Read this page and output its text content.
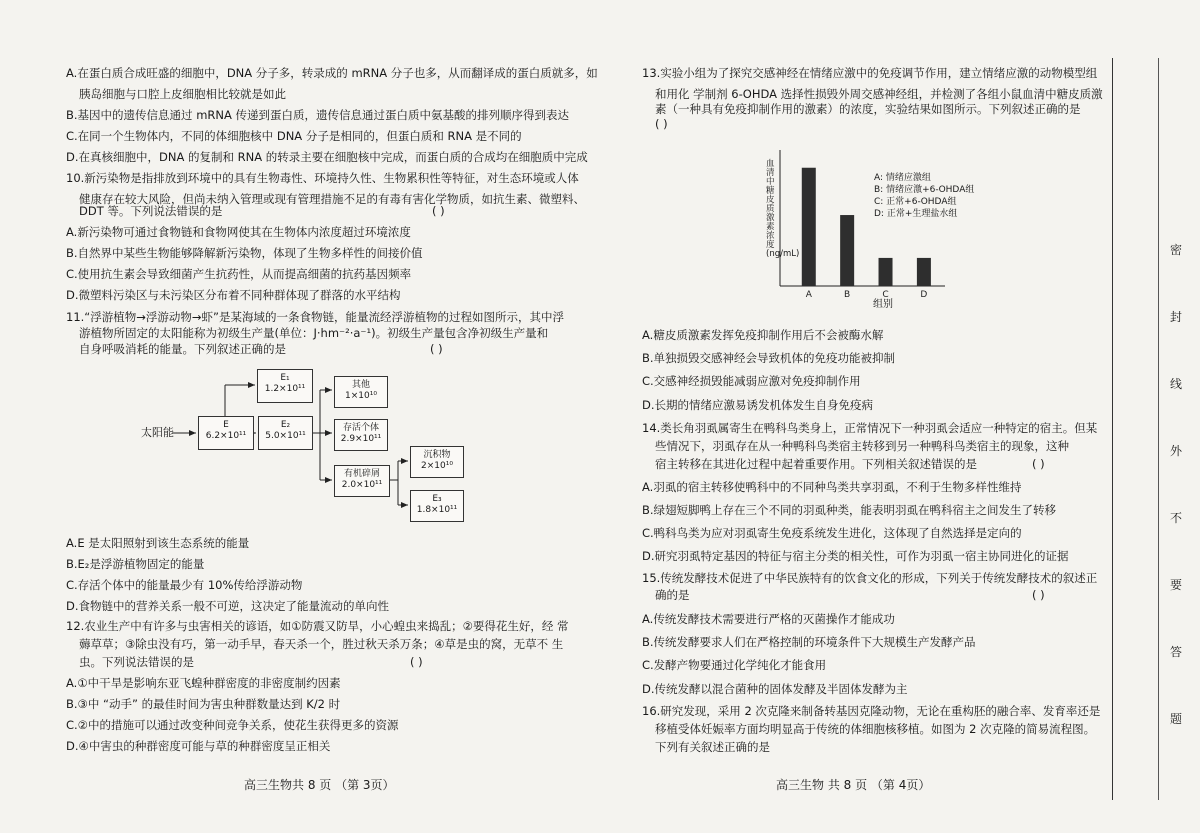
A.在蛋白质合成旺盛的细胞中，DNA 分子多，转录成的 mRNA 分子也多，从而翻译成的蛋白质就多，如
胰岛细胞与口腔上皮细胞相比较就是如此
B.基因中的遗传信息通过 mRNA 传递到蛋白质，遗传信息通过蛋白质中氨基酸的排列顺序得到表达
C.在同一个生物体内，不同的体细胞核中 DNA 分子是相同的，但蛋白质和 RNA 是不同的
D.在真核细胞中，DNA 的复制和 RNA 的转录主要在细胞核中完成，而蛋白质的合成均在细胞质中完成
10.新污染物是指排放到环境中的具有生物毒性、环境持久性、生物累积性等特征，对生态环境或人体
健康存在较大风险，但尚未纳入管理或现有管理措施不足的有毒有害化学物质，如抗生素、微塑料、
DDT 等。下列说法错误的是	( )
A.新污染物可通过食物链和食物网使其在生物体内浓度超过环境浓度
B.自然界中某些生物能够降解新污染物，体现了生物多样性的间接价值
C.使用抗生素会导致细菌产生抗药性，从而提高细菌的抗药基因频率
D.微塑料污染区与未污染区分布着不同种群体现了群落的水平结构
11.“浮游植物→浮游动物→虾”是某海域的一条食物链，能量流经浮游植物的过程如图所示，其中浮
游植物所固定的太阳能称为初级生产量(单位：J·hm⁻²·a⁻¹)。初级生产量包含净初级生产量和
自身呼吸消耗的能量。下列叙述正确的是	( )
太阳能
E
6.2×10¹¹
E₁
1.2×10¹¹
E₂
5.0×10¹¹
其他
1×10¹⁰
存活个体
2.9×10¹¹
有机碎屑
2.0×10¹¹
沉积物
2×10¹⁰
E₃
1.8×10¹¹
A.E 是太阳照射到该生态系统的能量
B.E₂是浮游植物固定的能量
C.存活个体中的能量最少有 10%传给浮游动物
D.食物链中的营养关系一般不可逆，这决定了能量流动的单向性
12.农业生产中有许多与虫害相关的谚语，如①防震又防旱，小心蝗虫来捣乱；②要得花生好，经 常
薅草草；③除虫没有巧，第一动手早，春天杀一个，胜过秋天杀万条；④草是虫的窝，无草不 生
虫。下列说法错误的是	( )
A.①中干旱是影响东亚飞蝗种群密度的非密度制约因素
B.③中 “动手” 的最佳时间为害虫种群数量达到 K/2 时
C.②中的措施可以通过改变种间竞争关系，使花生获得更多的资源
D.④中害虫的种群密度可能与草的种群密度呈正相关
高三生物共 8 页 （第 3页）
13.实验小组为了探究交感神经在情绪应激中的免疫调节作用，建立情绪应激的动物模型组
和用化 学制剂 6-OHDA 选择性损毁外周交感神经组，并检测了各组小鼠血清中糖皮质激
素（一种具有免疫抑制作用的激素）的浓度，实验结果如图所示。下列叙述正确的是
( )
A	B	C	D
血清中糖皮质激素浓度(ng/mL)
组别
A: 情绪应激组
B: 情绪应激+6-OHDA组
C: 正常+6-OHDA组
D: 正常+生理盐水组
A.糖皮质激素发挥免疫抑制作用后不会被酶水解
B.单独损毁交感神经会导致机体的免疫功能被抑制
C.交感神经损毁能减弱应激对免疫抑制作用
D.长期的情绪应激易诱发机体发生自身免疫病
14.类长角羽虱属寄生在鸭科鸟类身上，正常情况下一种羽虱会适应一种特定的宿主。但某
些情况下，羽虱存在从一种鸭科鸟类宿主转移到另一种鸭科鸟类宿主的现象，这种
宿主转移在其进化过程中起着重要作用。下列相关叙述错误的是	( )
A.羽虱的宿主转移使鸭科中的不同种鸟类共享羽虱，不利于生物多样性维持
B.绿翅短脚鸭上存在三个不同的羽虱种类，能表明羽虱在鸭科宿主之间发生了转移
C.鸭科鸟类为应对羽虱寄生免疫系统发生进化，这体现了自然选择是定向的
D.研究羽虱特定基因的特征与宿主分类的相关性，可作为羽虱一宿主协同进化的证据
15.传统发酵技术促进了中华民族特有的饮食文化的形成，下列关于传统发酵技术的叙述正
确的是	( )
A.传统发酵技术需要进行严格的灭菌操作才能成功
B.传统发酵要求人们在严格控制的环境条件下大规模生产发酵产品
C.发酵产物要通过化学纯化才能食用
D.传统发酵以混合菌种的固体发酵及半固体发酵为主
16.研究发现，采用 2 次克隆来制备转基因克隆动物，无论在重构胚的融合率、发育率还是
移植受体妊娠率方面均明显高于传统的体细胞核移植。如图为 2 次克隆的简易流程图。
下列有关叙述正确的是
高三生物 共 8 页 （第 4页）
密
封
线
外
不
要
答
题
